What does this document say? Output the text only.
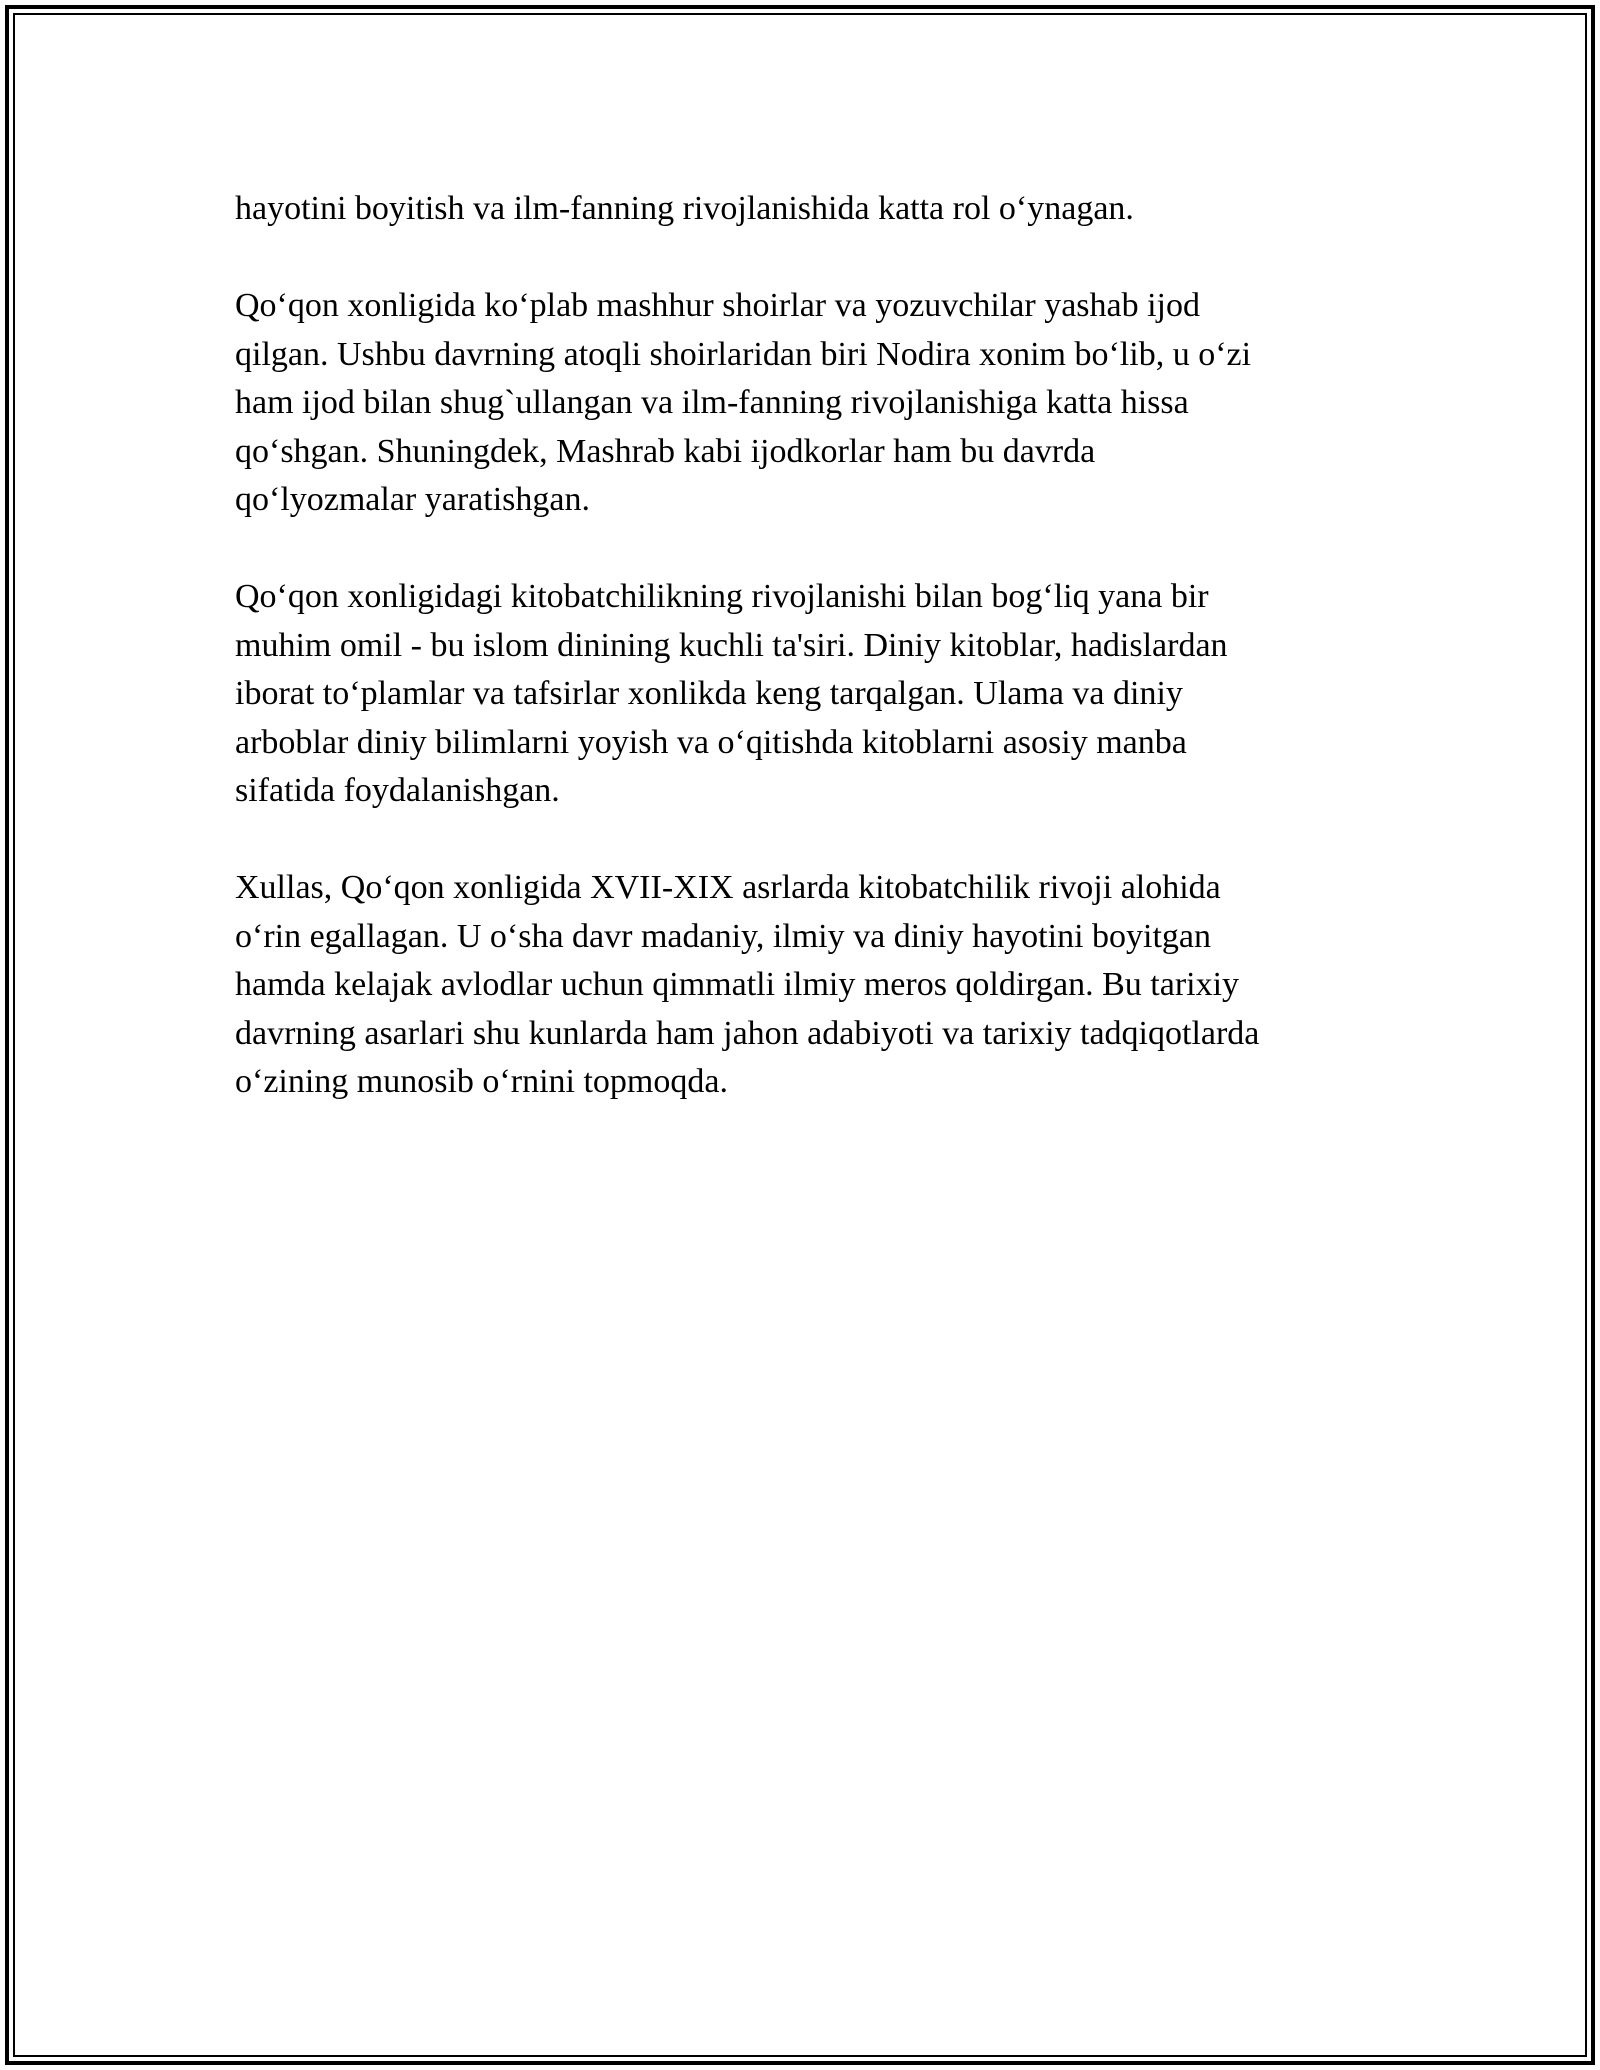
hayotini boyitish va ilm-fanning rivojlanishida katta rol o‘ynagan.

Qo‘qon xonligida ko‘plab mashhur shoirlar va yozuvchilar yashab ijod
qilgan. Ushbu davrning atoqli shoirlaridan biri Nodira xonim bo‘lib, u o‘zi
ham ijod bilan shug`ullangan va ilm-fanning rivojlanishiga katta hissa
qo‘shgan. Shuningdek, Mashrab kabi ijodkorlar ham bu davrda
qo‘lyozmalar yaratishgan.

Qo‘qon xonligidagi kitobatchilikning rivojlanishi bilan bog‘liq yana bir
muhim omil - bu islom dinining kuchli ta'siri. Diniy kitoblar, hadislardan
iborat to‘plamlar va tafsirlar xonlikda keng tarqalgan. Ulama va diniy
arboblar diniy bilimlarni yoyish va o‘qitishda kitoblarni asosiy manba
sifatida foydalanishgan.

Xullas, Qo‘qon xonligida XVII-XIX asrlarda kitobatchilik rivoji alohida
o‘rin egallagan. U o‘sha davr madaniy, ilmiy va diniy hayotini boyitgan
hamda kelajak avlodlar uchun qimmatli ilmiy meros qoldirgan. Bu tarixiy
davrning asarlari shu kunlarda ham jahon adabiyoti va tarixiy tadqiqotlarda
o‘zining munosib o‘rnini topmoqda.
